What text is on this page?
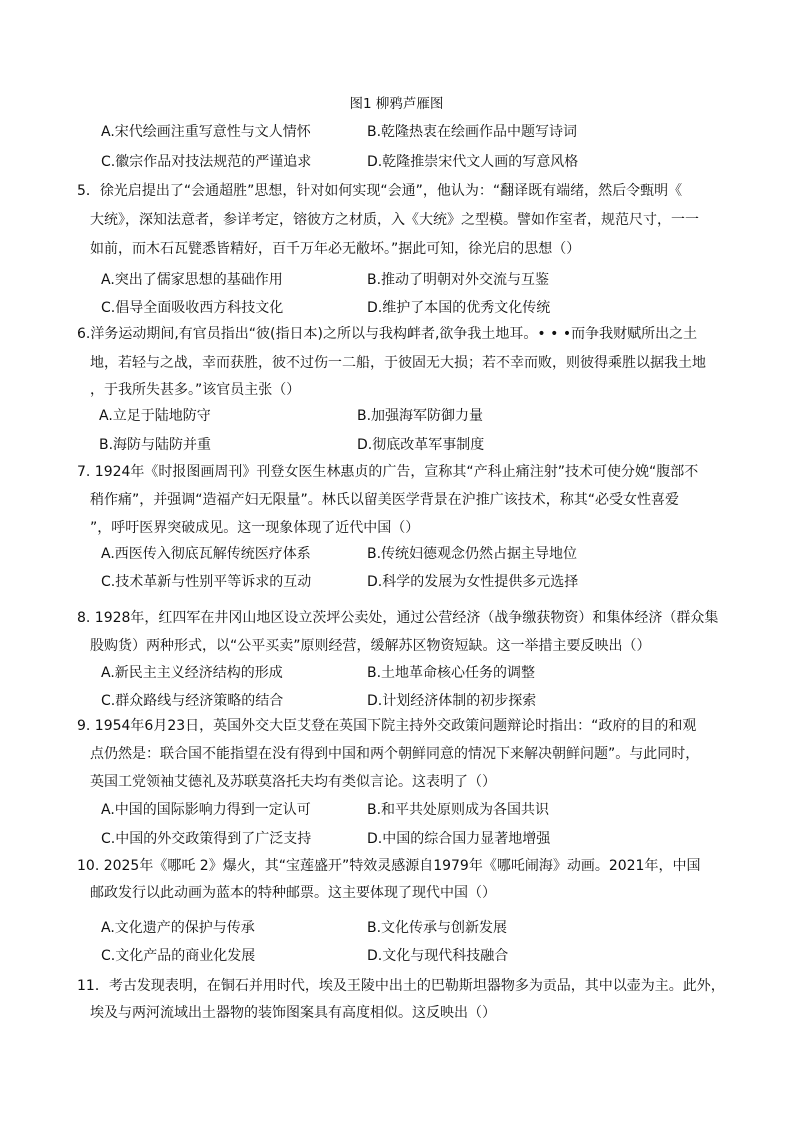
图1 柳鸦芦雁图
A.宋代绘画注重写意性与文人情怀	B.乾隆热衷在绘画作品中题写诗词
C.徽宗作品对技法规范的严谨追求	D.乾隆推崇宋代文人画的写意风格
5．徐光启提出了“会通超胜”思想，针对如何实现“会通”，他认为：“翻译既有端绪，然后令甄明《
大统》，深知法意者，参详考定，镕彼方之材质，入《大统》之型模。譬如作室者，规范尺寸，一一
如前，而木石瓦甓悉皆精好，百千万年必无敝坏。”据此可知，徐光启的思想（）
A.突出了儒家思想的基础作用	B.推动了明朝对外交流与互鉴
C.倡导全面吸收西方科技文化	D.维护了本国的优秀文化传统
6.洋务运动期间,有官员指出“彼(指日本)之所以与我构衅者,欲争我土地耳。• • •而争我财赋所出之土
地，若轻与之战，幸而获胜，彼不过伤一二船，于彼固无大损；若不幸而败，则彼得乘胜以据我土地
，于我所失甚多。”该官员主张（）
A.立足于陆地防守	B.加强海军防御力量
B.海防与陆防并重	D.彻底改革军事制度
7. 1924年《时报图画周刊》刊登女医生林惠贞的广告，宣称其“产科止痛注射”技术可使分娩“腹部不
稍作痛”，并强调“造福产妇无限量”。林氏以留美医学背景在沪推广该技术，称其“必受女性喜爱
”，呼吁医界突破成见。这一现象体现了近代中国（）
A.西医传入彻底瓦解传统医疗体系	B.传统妇德观念仍然占据主导地位
C.技术革新与性别平等诉求的互动	D.科学的发展为女性提供多元选择
8. 1928年，红四军在井冈山地区设立茨坪公卖处，通过公营经济（战争缴获物资）和集体经济（群众集
股购货）两种形式，以“公平买卖”原则经营，缓解苏区物资短缺。这一举措主要反映出（）
A.新民主主义经济结构的形成	B.土地革命核心任务的调整
C.群众路线与经济策略的结合	D.计划经济体制的初步探索
9. 1954年6月23日，英国外交大臣艾登在英国下院主持外交政策问题辩论时指出：“政府的目的和观
点仍然是：联合国不能指望在没有得到中国和两个朝鲜同意的情况下来解决朝鲜问题”。与此同时，
英国工党领袖艾德礼及苏联莫洛托夫均有类似言论。这表明了（）
A.中国的国际影响力得到一定认可	B.和平共处原则成为各国共识
C.中国的外交政策得到了广泛支持	D.中国的综合国力显著地增强
10. 2025年《哪吒 2》爆火，其“宝莲盛开”特效灵感源自1979年《哪吒闹海》动画。2021年，中国
邮政发行以此动画为蓝本的特种邮票。这主要体现了现代中国（）
A.文化遗产的保护与传承	B.文化传承与创新发展
C.文化产品的商业化发展	D.文化与现代科技融合
11．考古发现表明，在铜石并用时代，埃及王陵中出土的巴勒斯坦器物多为贡品，其中以壶为主。此外，
埃及与两河流域出土器物的装饰图案具有高度相似。这反映出（）
